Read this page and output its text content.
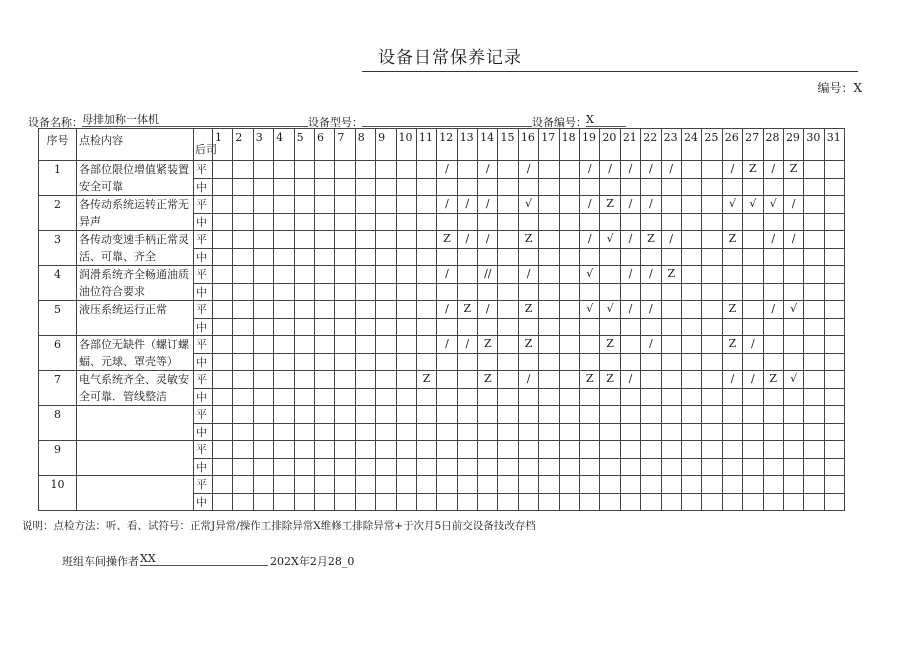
设备日常保养记录
编号：X
设备名称： 母排加称一体机	设备型号：	设备编号： X
序号	点检内容	后司	1	2	3	4	5	6	7	8	9	10	11	12	13	14	15	16	17	18	19	20	21	22	23	24	25	26	27	28	29	30	31
1	各部位限位增值紧装置安全可靠	平												/		/		/			/	/	/	/	/			/	Z	/	Z		
		中																															
2	各传动系统运转正常无异声	平												/	/	/		√			/	Z	/	/				√	√	√	/		
		中																															
3	各传动变速手柄正常灵活、可靠、齐全	平												Z	/	/		Z			/	√	/	Z	/			Z		/	/		
		中																															
4	润滑系统齐全畅通油质油位符合要求	平												/		//		/			√		/	/	Z								
		中																															
5	液压系统运行正常	平												/	Z	/		Z			√	√	/	/				Z		/	√		
		中																															
6	各部位无缺件（螺订螺蝠、元球、罩壳等）	平												/	/	Z		Z				Z		/				Z	/				
		中																															
7	电气系统齐全、灵敏安全可靠．管线整洁	平											Z			Z		/			Z	Z	/					/	/	Z	√		
		中																															
8		平																															
		中																															
9		平																															
		中																															
10		平																															
		中																															
说明：点检方法：听、看、试符号：正常J异常/操作工排除异常X维修工排除异常+于次月5日前交设备技改存档
班组车间操作者 XX	202X年2月28_0
